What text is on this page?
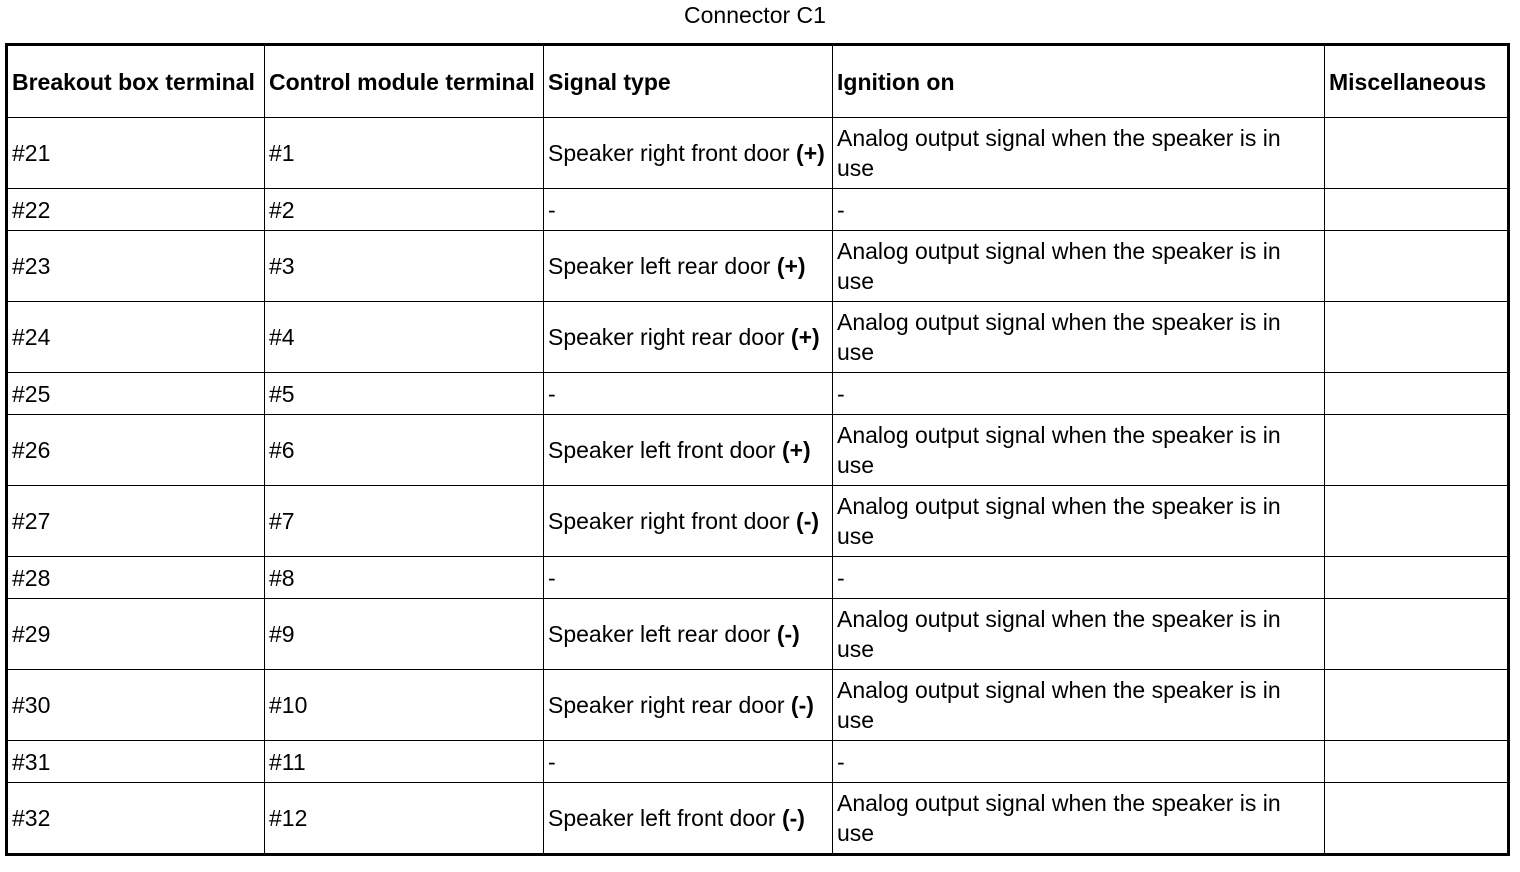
Connector C1
Breakout box terminal	Control module terminal	Signal type	Ignition on	Miscellaneous
#21	#1	Speaker right front door (+)	Analog output signal when the speaker is in use	
#22	#2	-	-	
#23	#3	Speaker left rear door (+)	Analog output signal when the speaker is in use	
#24	#4	Speaker right rear door (+)	Analog output signal when the speaker is in use	
#25	#5	-	-	
#26	#6	Speaker left front door (+)	Analog output signal when the speaker is in use	
#27	#7	Speaker right front door (-)	Analog output signal when the speaker is in use	
#28	#8	-	-	
#29	#9	Speaker left rear door (-)	Analog output signal when the speaker is in use	
#30	#10	Speaker right rear door (-)	Analog output signal when the speaker is in use	
#31	#11	-	-	
#32	#12	Speaker left front door (-)	Analog output signal when the speaker is in use	
